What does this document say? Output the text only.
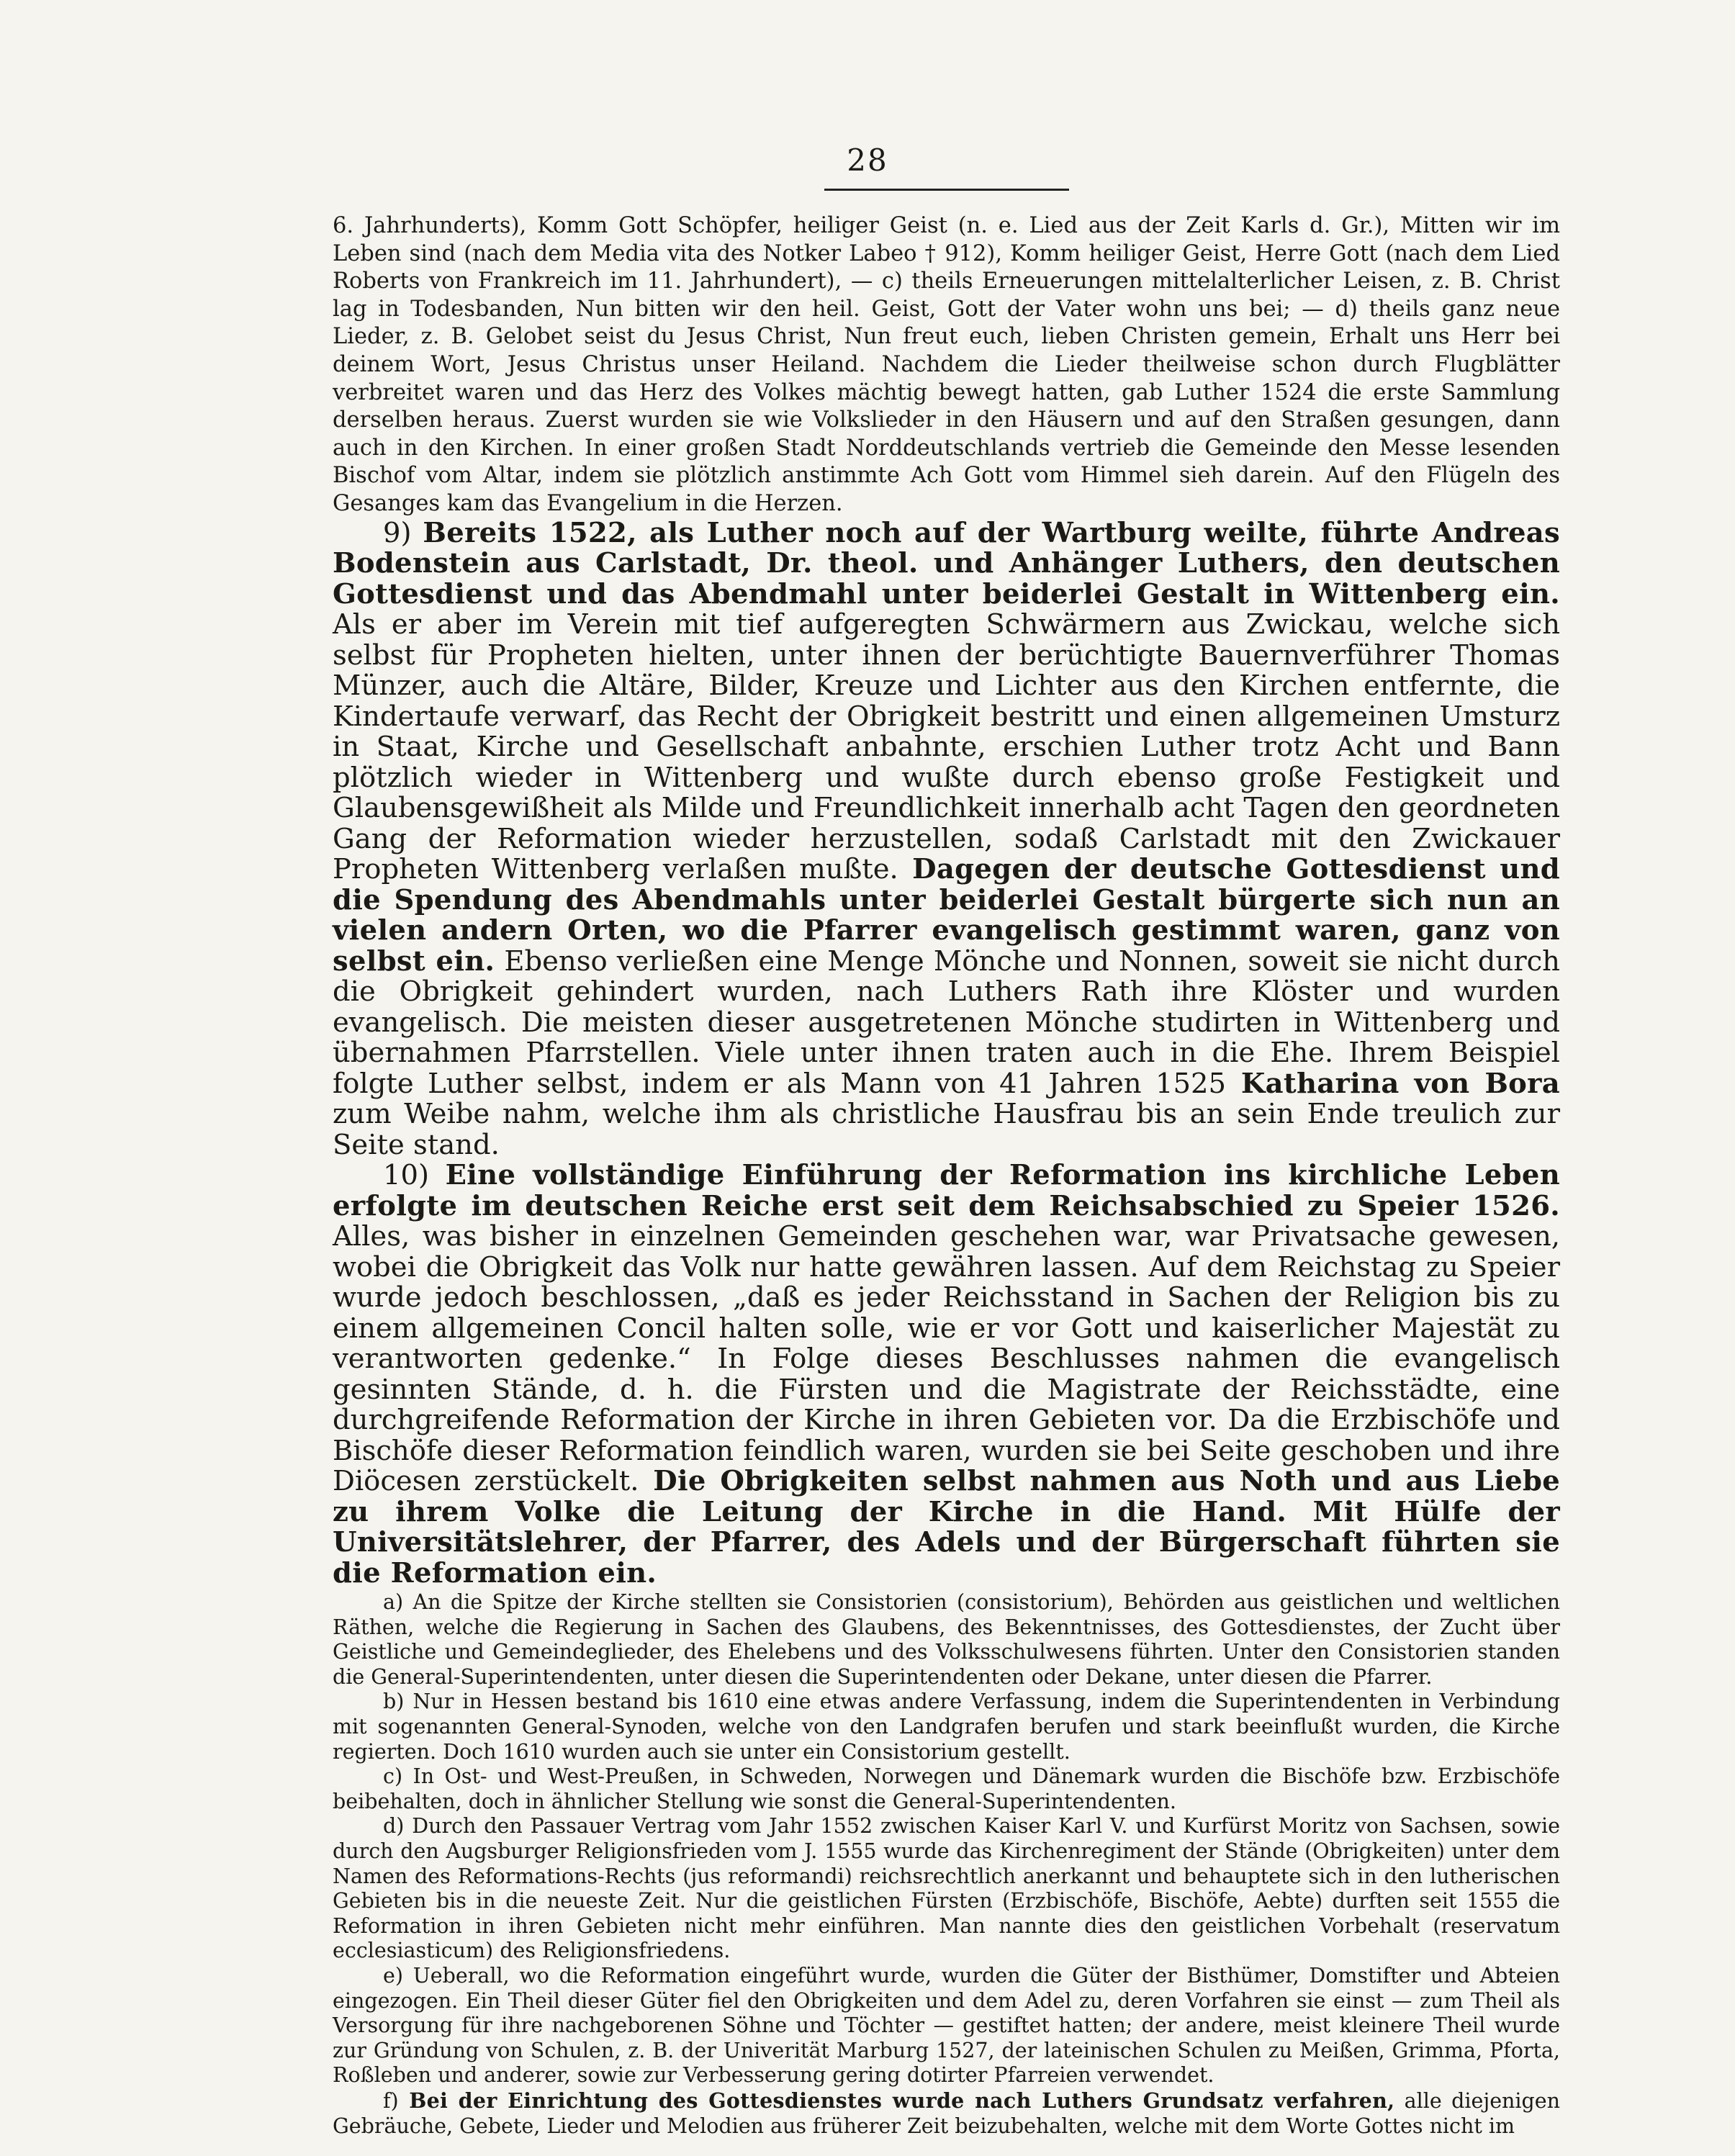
28

6. Jahrhunderts), Komm Gott Schöpfer, heiliger Geist (n. e. Lied aus der Zeit Karls d. Gr.), Mitten wir im Leben sind (nach dem Media vita des Notker Labeo † 912), Komm heiliger Geist, Herre Gott (nach dem Lied Roberts von Frankreich im 11. Jahrhundert), — c) theils Erneuerungen mittelalterlicher Leisen, z. B. Christ lag in Todesbanden, Nun bitten wir den heil. Geist, Gott der Vater wohn uns bei; — d) theils ganz neue Lieder, z. B. Gelobet seist du Jesus Christ, Nun freut euch, lieben Christen gemein, Erhalt uns Herr bei deinem Wort, Jesus Christus unser Heiland. Nachdem die Lieder theilweise schon durch Flugblätter verbreitet waren und das Herz des Volkes mächtig bewegt hatten, gab Luther 1524 die erste Sammlung derselben heraus. Zuerst wurden sie wie Volkslieder in den Häusern und auf den Straßen gesungen, dann auch in den Kirchen. In einer großen Stadt Norddeutschlands vertrieb die Gemeinde den Messe lesenden Bischof vom Altar, indem sie plötzlich anstimmte Ach Gott vom Himmel sieh darein. Auf den Flügeln des Gesanges kam das Evangelium in die Herzen.

9) Bereits 1522, als Luther noch auf der Wartburg weilte, führte Andreas Bodenstein aus Carlstadt, Dr. theol. und Anhänger Luthers, den deutschen Gottesdienst und das Abendmahl unter beiderlei Gestalt in Wittenberg ein. Als er aber im Verein mit tief aufgeregten Schwärmern aus Zwickau, welche sich selbst für Propheten hielten, unter ihnen der berüchtigte Bauernverführer Thomas Münzer, auch die Altäre, Bilder, Kreuze und Lichter aus den Kirchen entfernte, die Kindertaufe verwarf, das Recht der Obrigkeit bestritt und einen allgemeinen Umsturz in Staat, Kirche und Gesellschaft anbahnte, erschien Luther trotz Acht und Bann plötzlich wieder in Wittenberg und wußte durch ebenso große Festigkeit und Glaubensgewißheit als Milde und Freundlichkeit innerhalb acht Tagen den geordneten Gang der Reformation wieder herzustellen, sodaß Carlstadt mit den Zwickauer Propheten Wittenberg verlaßen mußte. Dagegen der deutsche Gottesdienst und die Spendung des Abendmahls unter beiderlei Gestalt bürgerte sich nun an vielen andern Orten, wo die Pfarrer evangelisch gestimmt waren, ganz von selbst ein. Ebenso verließen eine Menge Mönche und Nonnen, soweit sie nicht durch die Obrigkeit gehindert wurden, nach Luthers Rath ihre Klöster und wurden evangelisch. Die meisten dieser ausgetretenen Mönche studirten in Wittenberg und übernahmen Pfarrstellen. Viele unter ihnen traten auch in die Ehe. Ihrem Beispiel folgte Luther selbst, indem er als Mann von 41 Jahren 1525 Katharina von Bora zum Weibe nahm, welche ihm als christliche Hausfrau bis an sein Ende treulich zur Seite stand.

10) Eine vollständige Einführung der Reformation ins kirchliche Leben erfolgte im deutschen Reiche erst seit dem Reichsabschied zu Speier 1526. Alles, was bisher in einzelnen Gemeinden geschehen war, war Privatsache gewesen, wobei die Obrigkeit das Volk nur hatte gewähren lassen. Auf dem Reichstag zu Speier wurde jedoch beschlossen, „daß es jeder Reichsstand in Sachen der Religion bis zu einem allgemeinen Concil halten solle, wie er vor Gott und kaiserlicher Majestät zu verantworten gedenke.“ In Folge dieses Beschlusses nahmen die evangelisch gesinnten Stände, d. h. die Fürsten und die Magistrate der Reichsstädte, eine durchgreifende Reformation der Kirche in ihren Gebieten vor. Da die Erzbischöfe und Bischöfe dieser Reformation feindlich waren, wurden sie bei Seite geschoben und ihre Diöcesen zerstückelt. Die Obrigkeiten selbst nahmen aus Noth und aus Liebe zu ihrem Volke die Leitung der Kirche in die Hand. Mit Hülfe der Universitätslehrer, der Pfarrer, des Adels und der Bürgerschaft führten sie die Reformation ein.

a) An die Spitze der Kirche stellten sie Consistorien (consistorium), Behörden aus geistlichen und weltlichen Räthen, welche die Regierung in Sachen des Glaubens, des Bekenntnisses, des Gottesdienstes, der Zucht über Geistliche und Gemeindeglieder, des Ehelebens und des Volksschulwesens führten. Unter den Consistorien standen die General-Superintendenten, unter diesen die Superintendenten oder Dekane, unter diesen die Pfarrer.

b) Nur in Hessen bestand bis 1610 eine etwas andere Verfassung, indem die Superintendenten in Verbindung mit sogenannten General-Synoden, welche von den Landgrafen berufen und stark beeinflußt wurden, die Kirche regierten. Doch 1610 wurden auch sie unter ein Consistorium gestellt.

c) In Ost- und West-Preußen, in Schweden, Norwegen und Dänemark wurden die Bischöfe bzw. Erzbischöfe beibehalten, doch in ähnlicher Stellung wie sonst die General-Superintendenten.

d) Durch den Passauer Vertrag vom Jahr 1552 zwischen Kaiser Karl V. und Kurfürst Moritz von Sachsen, sowie durch den Augsburger Religionsfrieden vom J. 1555 wurde das Kirchenregiment der Stände (Obrigkeiten) unter dem Namen des Reformations-Rechts (jus reformandi) reichsrechtlich anerkannt und behauptete sich in den lutherischen Gebieten bis in die neueste Zeit. Nur die geistlichen Fürsten (Erzbischöfe, Bischöfe, Aebte) durften seit 1555 die Reformation in ihren Gebieten nicht mehr einführen. Man nannte dies den geistlichen Vorbehalt (reservatum ecclesiasticum) des Religionsfriedens.

e) Ueberall, wo die Reformation eingeführt wurde, wurden die Güter der Bisthümer, Domstifter und Abteien eingezogen. Ein Theil dieser Güter fiel den Obrigkeiten und dem Adel zu, deren Vorfahren sie einst — zum Theil als Versorgung für ihre nachgeborenen Söhne und Töchter — gestiftet hatten; der andere, meist kleinere Theil wurde zur Gründung von Schulen, z. B. der Univerität Marburg 1527, der lateinischen Schulen zu Meißen, Grimma, Pforta, Roßleben und anderer, sowie zur Verbesserung gering dotirter Pfarreien verwendet.

f) Bei der Einrichtung des Gottesdienstes wurde nach Luthers Grundsatz verfahren, alle diejenigen Gebräuche, Gebete, Lieder und Melodien aus früherer Zeit beizubehalten, welche mit dem Worte Gottes nicht im
